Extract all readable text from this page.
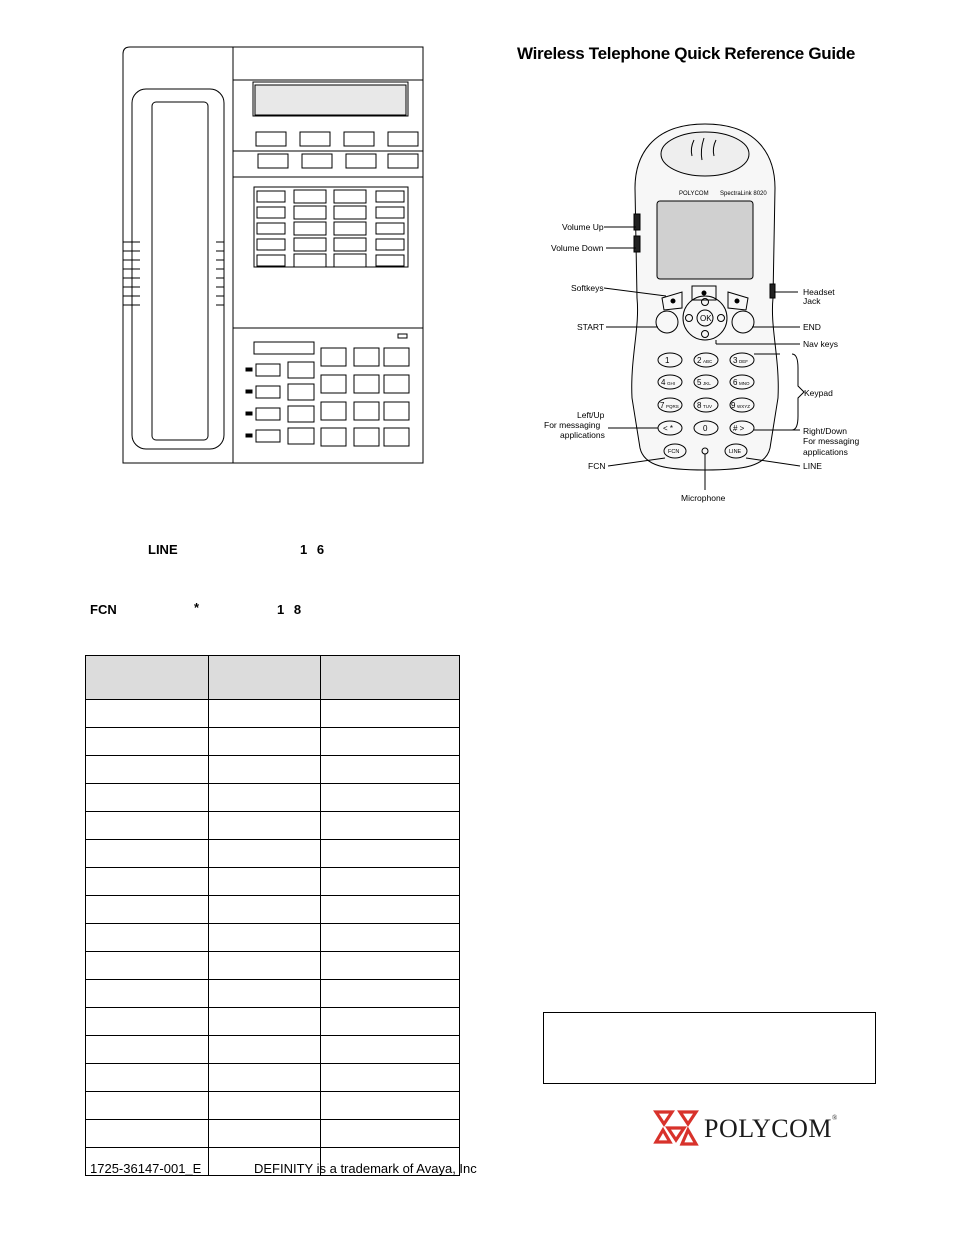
Wireless Telephone Quick Reference Guide
POLYCOM SpectraLink 8020
OK
1	2 ABC	3 DEF
4 GHI	5 JKL	6 MNO
7 PQRS 8 TUV 9 WXYZ
< *	0	# >
FCN	LINE
Volume Up
Volume Down
Softkeys
START
Left/Up
For messaging
applications
FCN
Microphone
Headset
Jack
END
Nav keys
Keypad
Right/Down
For messaging
applications
LINE
LINE	1 6
FCN	*	1 8

1725-36147-001_E	DEFINITY is a trademark of Avaya, Inc
POLYCOM®
